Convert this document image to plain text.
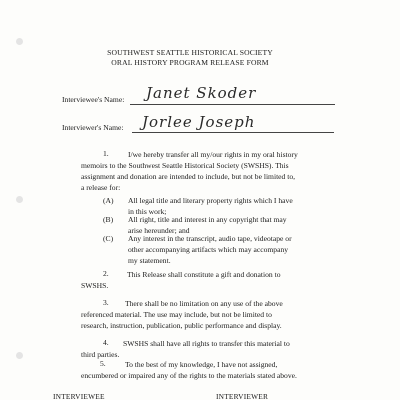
SOUTHWEST SEATTLE HISTORICAL SOCIETY
ORAL HISTORY PROGRAM RELEASE FORM
Interviewee's Name: Janet Skoder
Interviewer's Name: Jorlee Joseph
1.	I/we hereby transfer all my/our rights in my oral history
memoirs to the Southwest Seattle Historical Society (SWSHS). This
assignment and donation are intended to include, but not be limited to,
a release for:
(A) All legal title and literary property rights which I have
in this work;
(B) All right, title and interest in any copyright that may
arise hereunder; and
(C) Any interest in the transcript, audio tape, videotape or
other accompanying artifacts which may accompany
my statement.
2. This Release shall constitute a gift and donation to
SWSHS.
3. There shall be no limitation on any use of the above
referenced material. The use may include, but not be limited to
research, instruction, publication, public performance and display.
4. SWSHS shall have all rights to transfer this material to
third parties.
5.	To the best of my knowledge, I have not assigned,
encumbered or impaired any of the rights to the materials stated above.
INTERVIEWEE	INTERVIEWER
